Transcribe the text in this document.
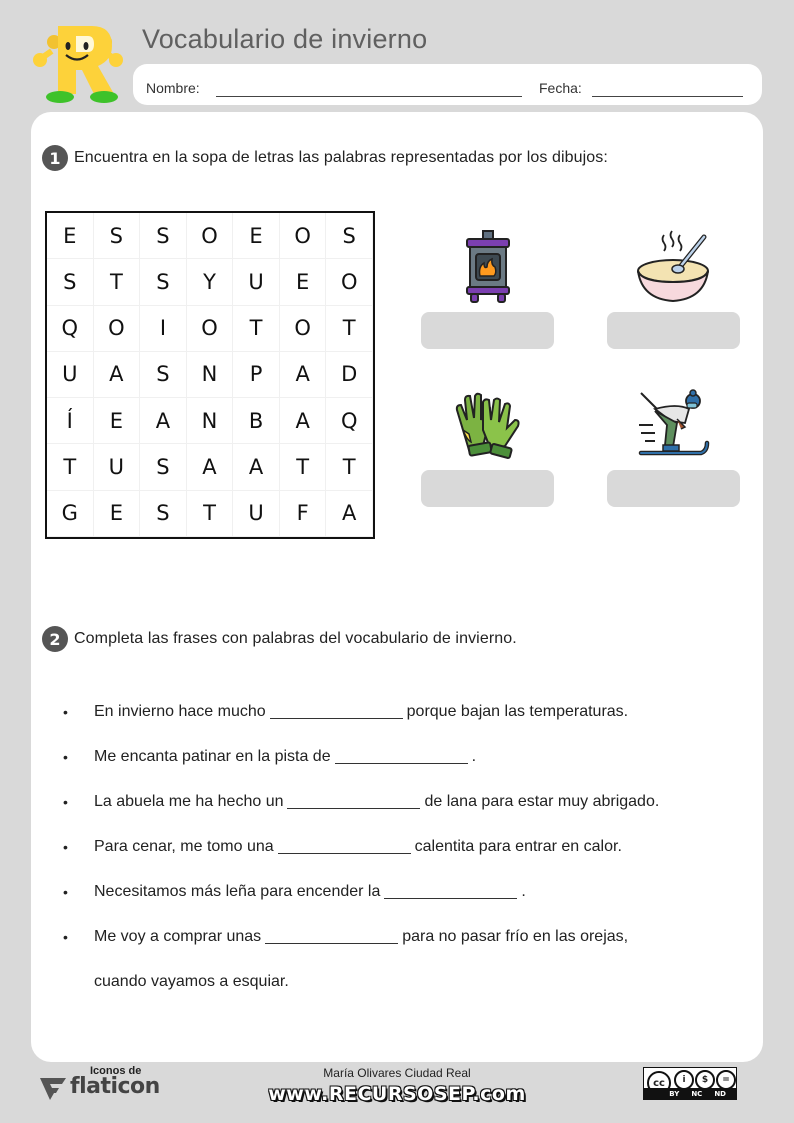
Vocabulario de invierno
Nombre:	Fecha:
1 Encuentra en la sopa de letras las palabras representadas por los dibujos:
E	S	S	O	E	O	S
S	T	S	Y	U	E	O
Q	O	I	O	T	O	T
U	A	S	N	P	A	D
Í	E	A	N	B	A	Q
T	U	S	A	A	T	T
G	E	S	T	U	F	A
2 Completa las frases con palabras del vocabulario de invierno.
•	En invierno hace mucho	porque bajan las temperaturas.
•	Me encanta patinar en la pista de	.
•	La abuela me ha hecho un	de lana para estar muy abrigado.
•	Para cenar, me tomo una	calentita para entrar en calor.
•	Necesitamos más leña para encender la	.
•	Me voy a comprar unas	para no pasar frío en las orejas,
cuando vayamos a esquiar.
Iconos de
flaticon
María Olivares Ciudad Real
www.RECURSOSEP.com	cc	i	$	=
BY NC ND
